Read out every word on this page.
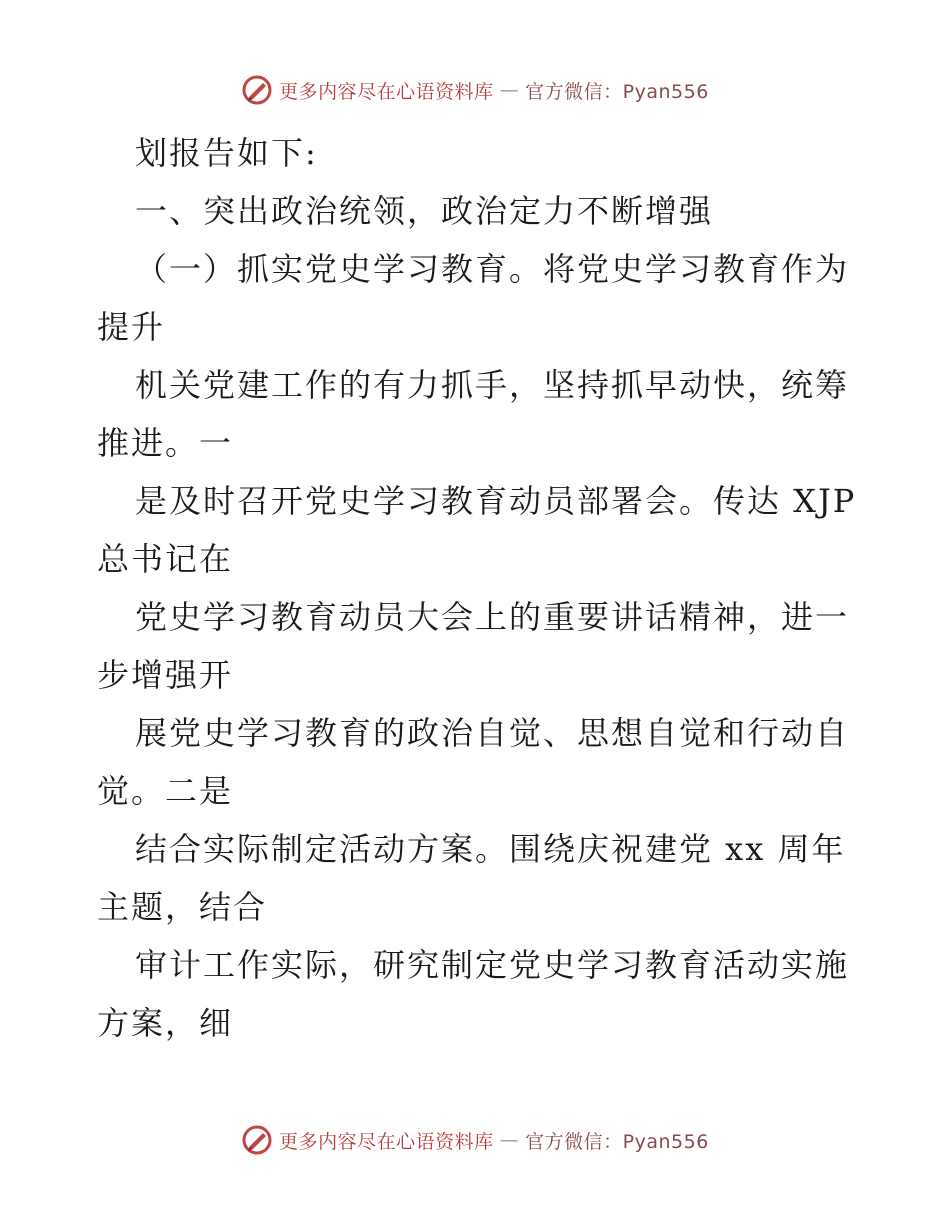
更多内容尽在心语资料库 — 官方微信：Pyan556
划报告如下:
一、突出政治统领，政治定力不断增强
（一）抓实党史学习教育。将党史学习教育作为
提升
机关党建工作的有力抓手，坚持抓早动快，统筹
推进。一
是及时召开党史学习教育动员部署会。传达 XJP
总书记在
党史学习教育动员大会上的重要讲话精神，进一
步增强开
展党史学习教育的政治自觉、思想自觉和行动自
觉。二是
结合实际制定活动方案。围绕庆祝建党 xx 周年
主题，结合
审计工作实际，研究制定党史学习教育活动实施
方案，细
更多内容尽在心语资料库 — 官方微信：Pyan556
